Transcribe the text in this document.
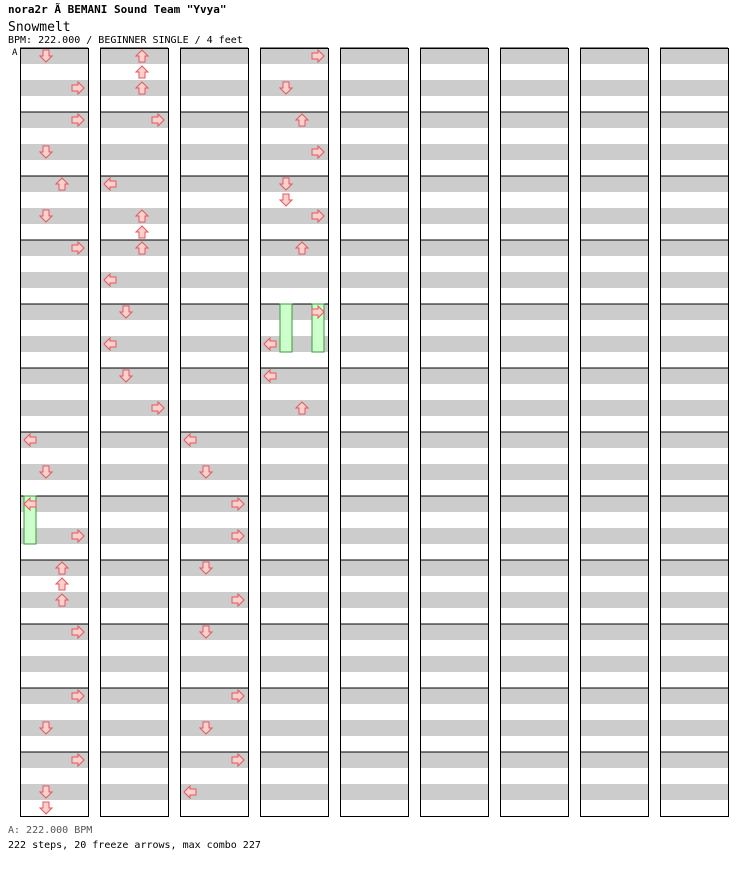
nora2r Ã BEMANI Sound Team "Yvya"
Snowmelt
BPM: 222.000 / BEGINNER SINGLE / 4 feet
A
A: 222.000 BPM
222 steps, 20 freeze arrows, max combo 227
